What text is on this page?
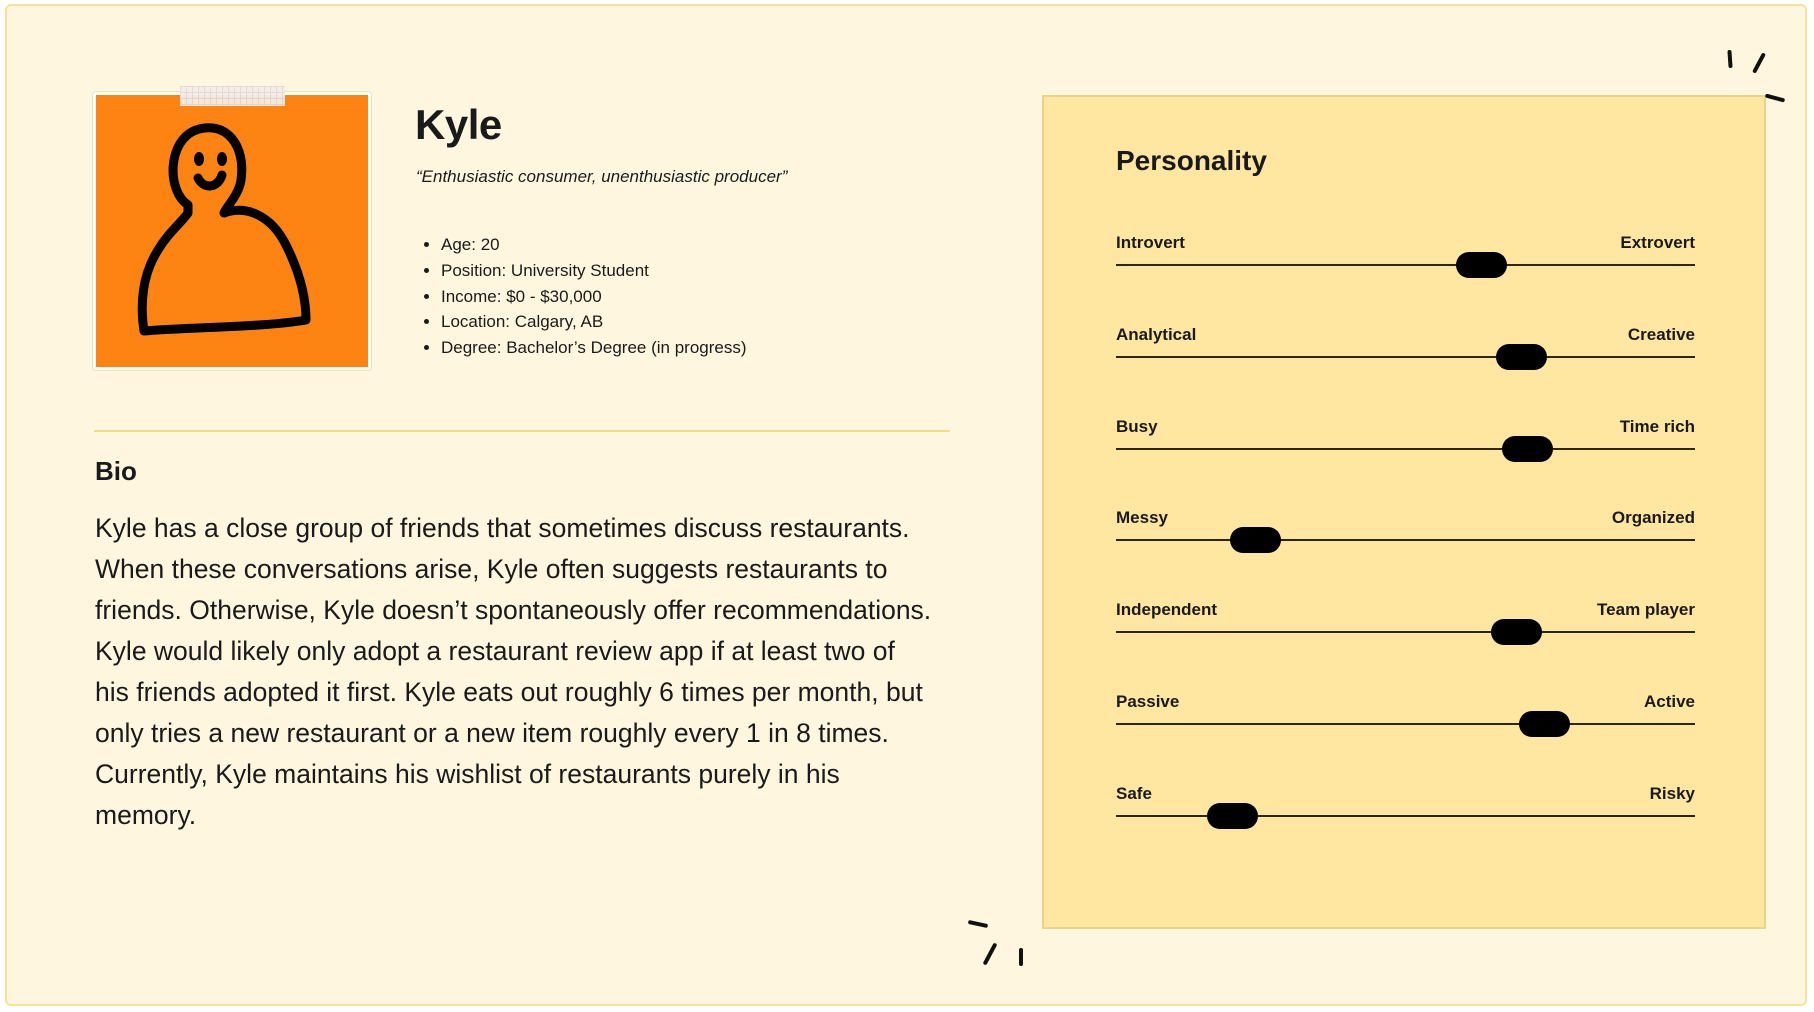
Kyle
“Enthusiastic consumer, unenthusiastic producer”
• Age: 20
• Position: University Student
• Income: $0 - $30,000
• Location: Calgary, AB
• Degree: Bachelor’s Degree (in progress)
Bio

Kyle has a close group of friends that sometimes discuss restaurants. When these conversations arise, Kyle often suggests restaurants to friends. Otherwise, Kyle doesn’t spontaneously offer recommendations. Kyle would likely only adopt a restaurant review app if at least two of his friends adopted it first. Kyle eats out roughly 6 times per month, but only tries a new restaurant or a new item roughly every 1 in 8 times. Currently, Kyle maintains his wishlist of restaurants purely in his memory.

Personality
Introvert	Extrovert
Analytical	Creative
Busy	Time rich
Messy	Organized
Independent	Team player
Passive	Active
Safe	Risky
